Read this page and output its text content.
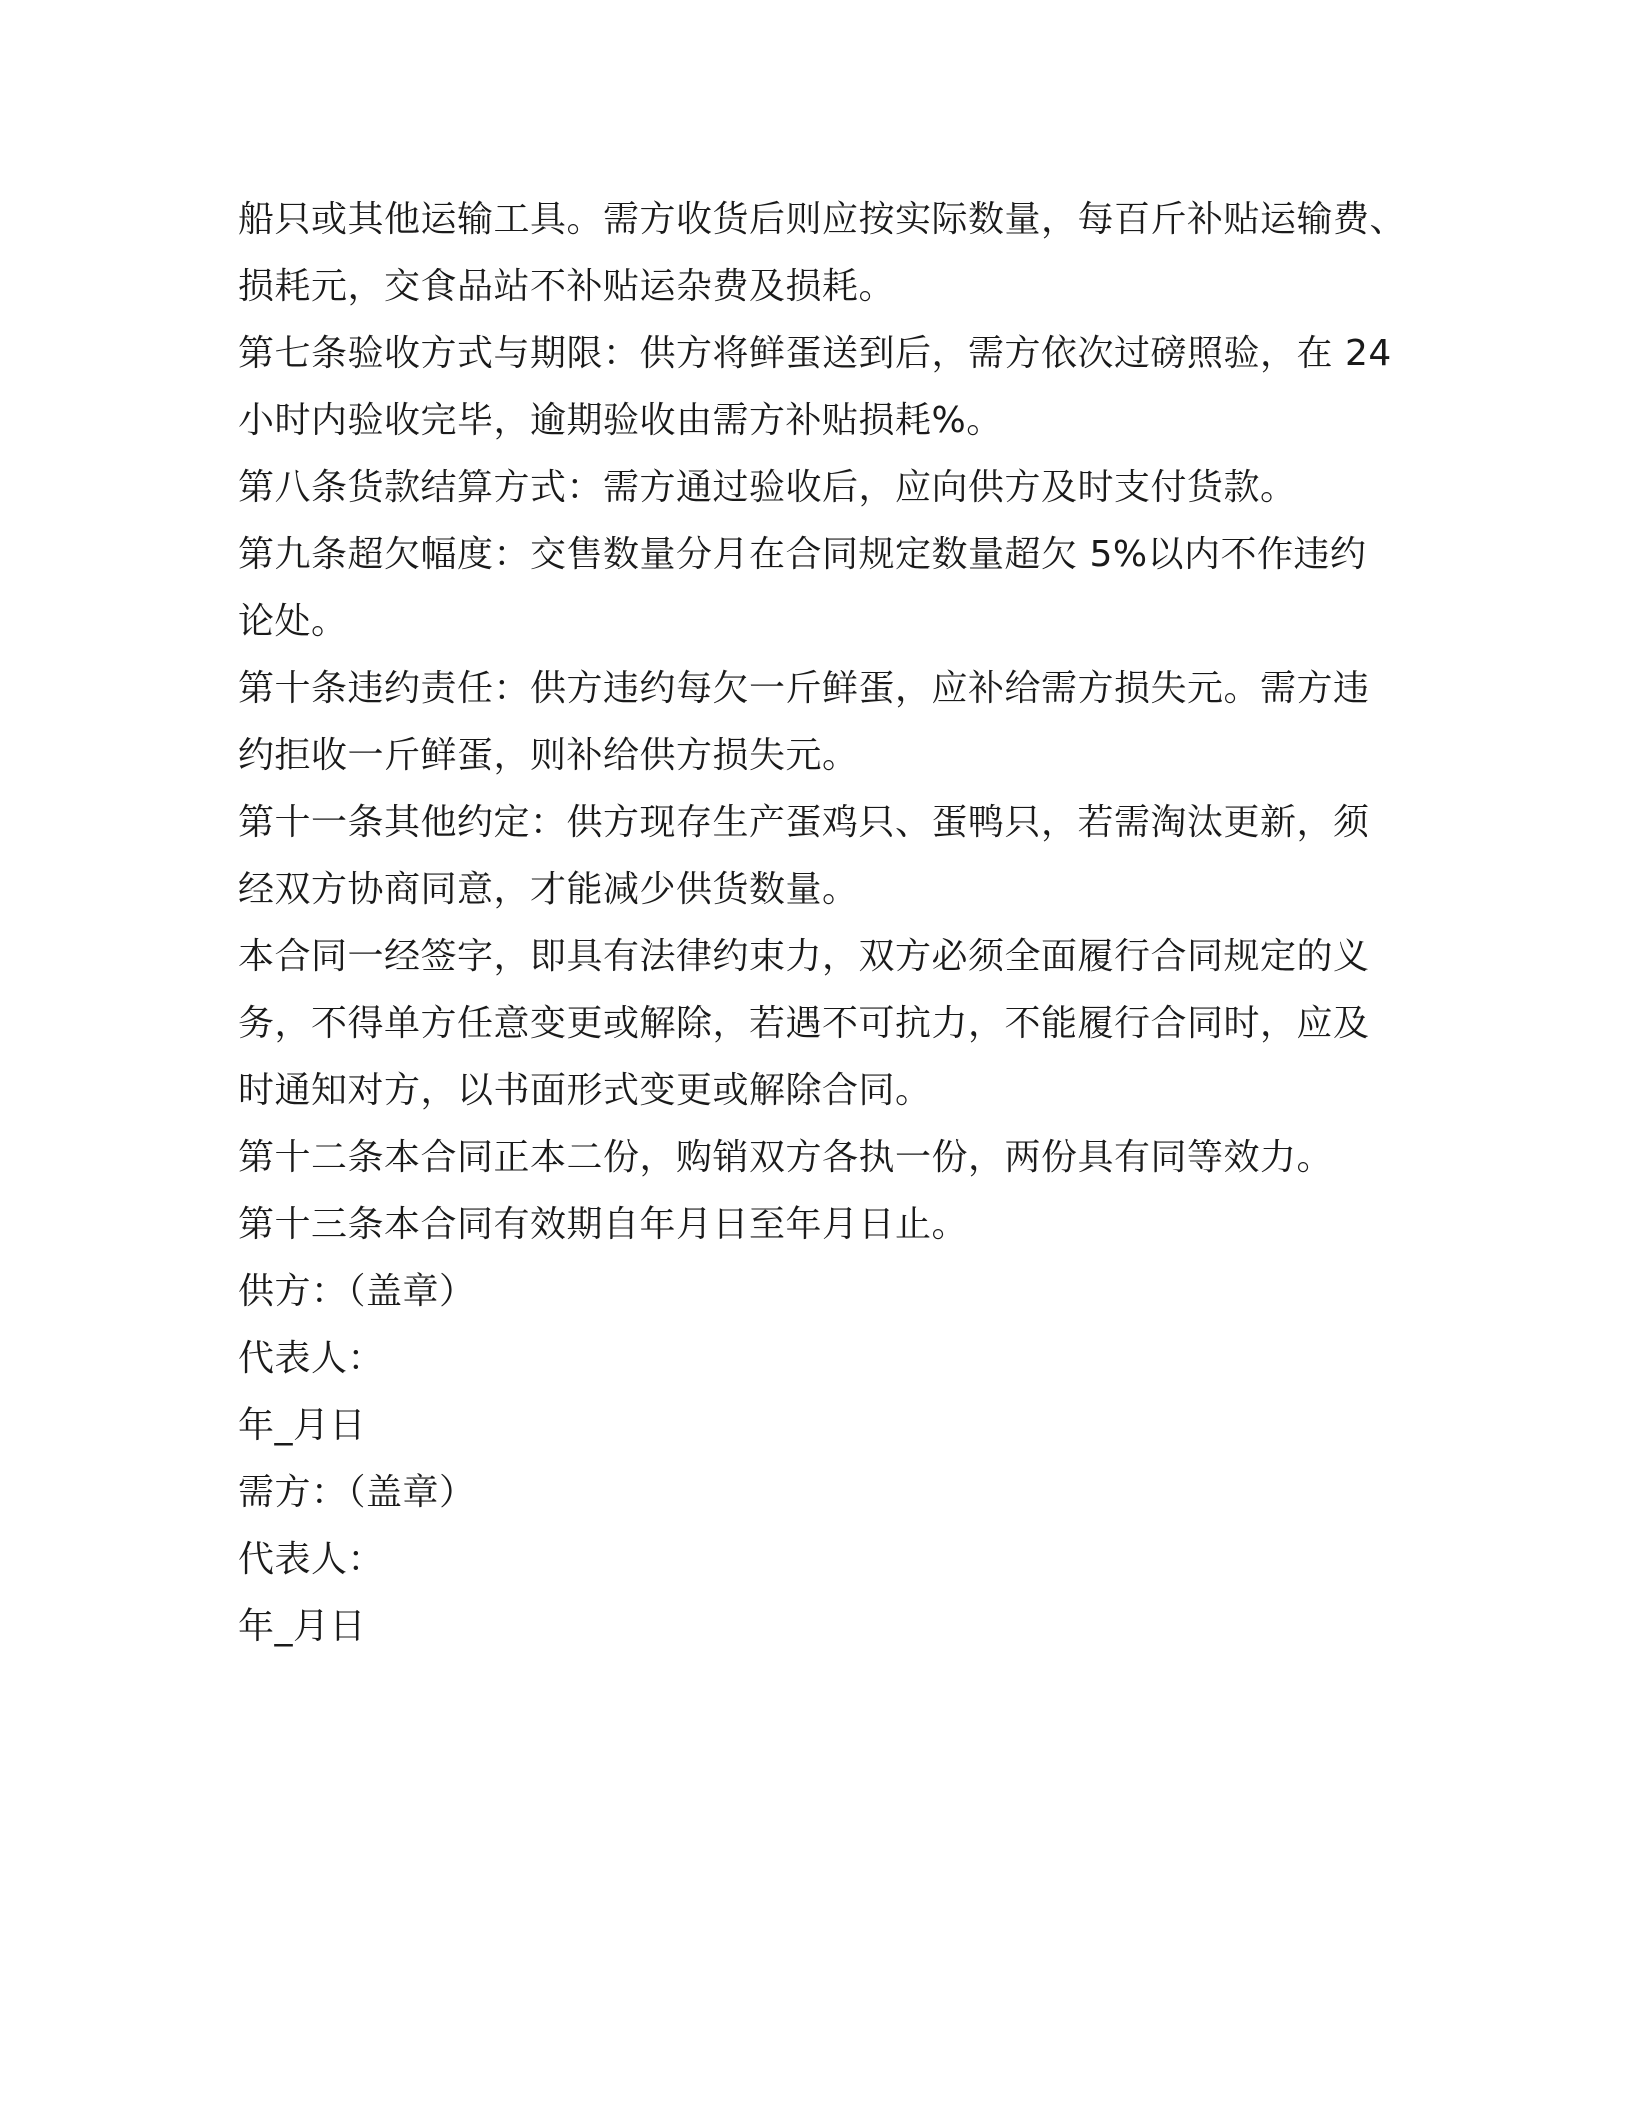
船只或其他运输工具。需方收货后则应按实际数量，每百斤补贴运输费、
损耗元，交食品站不补贴运杂费及损耗。
第七条验收方式与期限：供方将鲜蛋送到后，需方依次过磅照验，在 24
小时内验收完毕，逾期验收由需方补贴损耗%。
第八条货款结算方式：需方通过验收后，应向供方及时支付货款。
第九条超欠幅度：交售数量分月在合同规定数量超欠 5%以内不作违约
论处。
第十条违约责任：供方违约每欠一斤鲜蛋，应补给需方损失元。需方违
约拒收一斤鲜蛋，则补给供方损失元。
第十一条其他约定：供方现存生产蛋鸡只、蛋鸭只，若需淘汰更新，须
经双方协商同意，才能减少供货数量。
本合同一经签字，即具有法律约束力，双方必须全面履行合同规定的义
务，不得单方任意变更或解除，若遇不可抗力，不能履行合同时，应及
时通知对方，以书面形式变更或解除合同。
第十二条本合同正本二份，购销双方各执一份，两份具有同等效力。
第十三条本合同有效期自年月日至年月日止。
供方：（盖章）
代表人：
年_月日
需方：（盖章）
代表人：
年_月日
